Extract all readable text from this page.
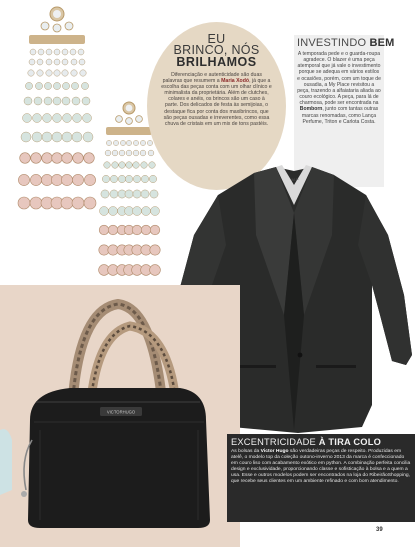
EU
BRINCO, NÓS
BRILHAMOS
Diferenciação e autenticidade são duas palavras que resumem a Maria Xodó, já que a escolha das peças conta com um olhar clínico e minimalista da proprietária. Além de clutches, colares e anéis, os brincos são um caso à parte. Dos delicados de festa às semijoias, o destaque fica por conta dos maxibrincos, que são peças ousadas e irreverentes, como essa chuva de cristais em um mix de tons pastéis.
INVESTINDO BEM
A temporada pede e o guarda-roupa agradece. O blazer é uma peça atemporal que já vale o investimento porque se adequa em vários estilos e ocasiões, porém, com um toque de ousadia, a My Place revisitou a peça, trazendo a alfaiataria aliada ao couro ecológico. A peça, para lá de charmosa, pode ser encontrada na Bomborn, junto com tantas outras marcas renomadas, como Lança Perfume, Triton e Carlota Costa.
M.P
VICTORHUGO
EXCENTRICIDADE À TIRA COLO
As bolsas da Victor Hugo são verdadeiras peças de respeito. Produzidas em atelê, o modelo top da coleção outono-inverno 2013 da marca é confeccionado em couro liso com acabamento exótico em python. A combinação perfeita concilia design e exclusividade, proporcionando classe e sofisticação à bolsa e a quem a usa. Esse e outros modelos podem ser encontrados na loja do RibeirãoShopping, que recebe seus clientes em um ambiente refinado e com bom atendimento.
39
